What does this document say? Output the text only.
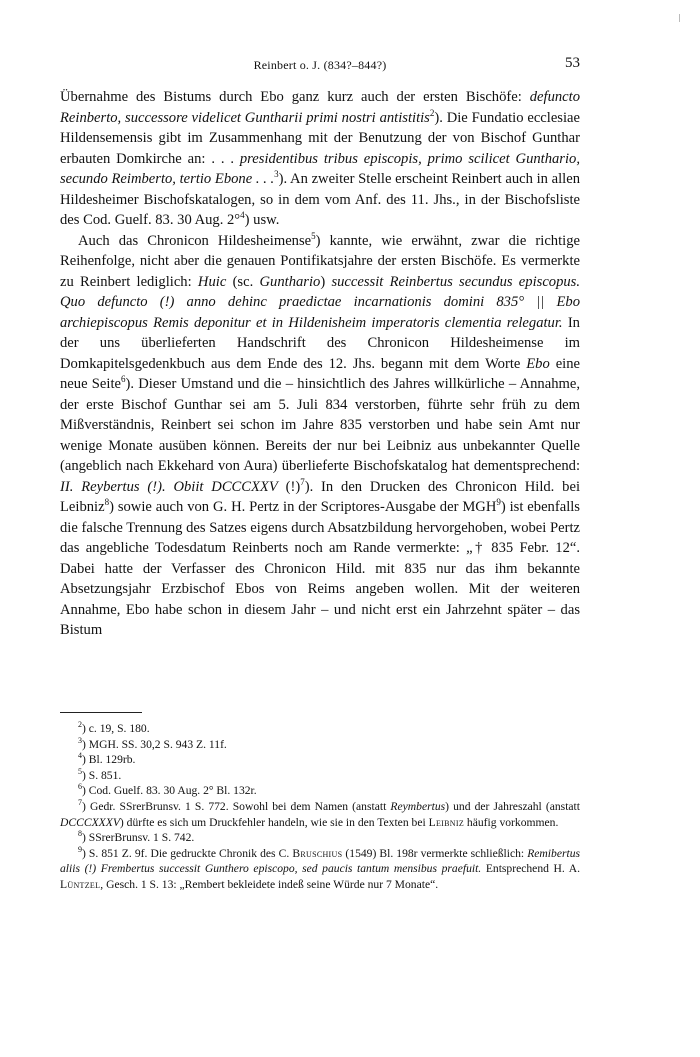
Reinbert o. J. (834?–844?)	53

Übernahme des Bistums durch Ebo ganz kurz auch der ersten Bischöfe: defuncto Reinberto, successore videlicet Guntharii primi nostri antistitis$^2$). Die Fundatio ecclesiae Hildensemensis gibt im Zusammenhang mit der Benutzung der von Bischof Gunthar erbauten Domkirche an: . . . presidentibus tribus episcopis, primo scilicet Gunthario, secundo Reimberto, tertio Ebone . . .$^3$). An zweiter Stelle erscheint Reinbert auch in allen Hildesheimer Bischofskatalogen, so in dem vom Anf. des 11. Jhs., in der Bischofsliste des Cod. Guelf. 83. 30 Aug. 2°$^4$) usw.

Auch das Chronicon Hildesheimense$^5$) kannte, wie erwähnt, zwar die richtige Reihenfolge, nicht aber die genauen Pontifikatsjahre der ersten Bischöfe. Es vermerkte zu Reinbert lediglich: Huic (sc. Gunthario) successit Reinbertus secundus episcopus. Quo defuncto (!) anno dehinc praedictae incarnationis domini 835° || Ebo archiepiscopus Remis deponitur et in Hildenisheim imperatoris clementia relegatur. In der uns überlieferten Handschrift des Chronicon Hildesheimense im Domkapitelsgedenkbuch aus dem Ende des 12. Jhs. begann mit dem Worte Ebo eine neue Seite$^6$). Dieser Umstand und die – hinsichtlich des Jahres willkürliche – Annahme, der erste Bischof Gunthar sei am 5. Juli 834 verstorben, führte sehr früh zu dem Mißverständnis, Reinbert sei schon im Jahre 835 verstorben und habe sein Amt nur wenige Monate ausüben können. Bereits der nur bei Leibniz aus unbekannter Quelle (angeblich nach Ekkehard von Aura) überlieferte Bischofskatalog hat dementsprechend: II. Reybertus (!). Obiit DCCCXXV (!)$^7$). In den Drucken des Chronicon Hild. bei Leibniz$^8$) sowie auch von G. H. Pertz in der Scriptores-Ausgabe der MGH$^9$) ist ebenfalls die falsche Trennung des Satzes eigens durch Absatzbildung hervorgehoben, wobei Pertz das angebliche Todesdatum Reinberts noch am Rande vermerkte: „† 835 Febr. 12“. Dabei hatte der Verfasser des Chronicon Hild. mit 835 nur das ihm bekannte Absetzungsjahr Erzbischof Ebos von Reims angeben wollen. Mit der weiteren Annahme, Ebo habe schon in diesem Jahr – und nicht erst ein Jahrzehnt später – das Bistum

$^2$) c. 19, S. 180.

$^3$) MGH. SS. 30,2 S. 943 Z. 11f.

$^4$) Bl. 129rb.

$^5$) S. 851.

$^6$) Cod. Guelf. 83. 30 Aug. 2° Bl. 132r.

$^7$) Gedr. SSrerBrunsv. 1 S. 772. Sowohl bei dem Namen (anstatt Reymbertus) und der Jahreszahl (anstatt DCCCXXXV) dürfte es sich um Druckfehler handeln, wie sie in den Texten bei Leibniz häufig vorkommen.

$^8$) SSrerBrunsv. 1 S. 742.

$^9$) S. 851 Z. 9f. Die gedruckte Chronik des C. Bruschius (1549) Bl. 198r vermerkte schließlich: Remibertus aliis (!) Frembertus successit Gunthero episcopo, sed paucis tantum mensibus praefuit. Entsprechend H. A. Lüntzel, Gesch. 1 S. 13: „Rembert bekleidete indeß seine Würde nur 7 Monate“.
